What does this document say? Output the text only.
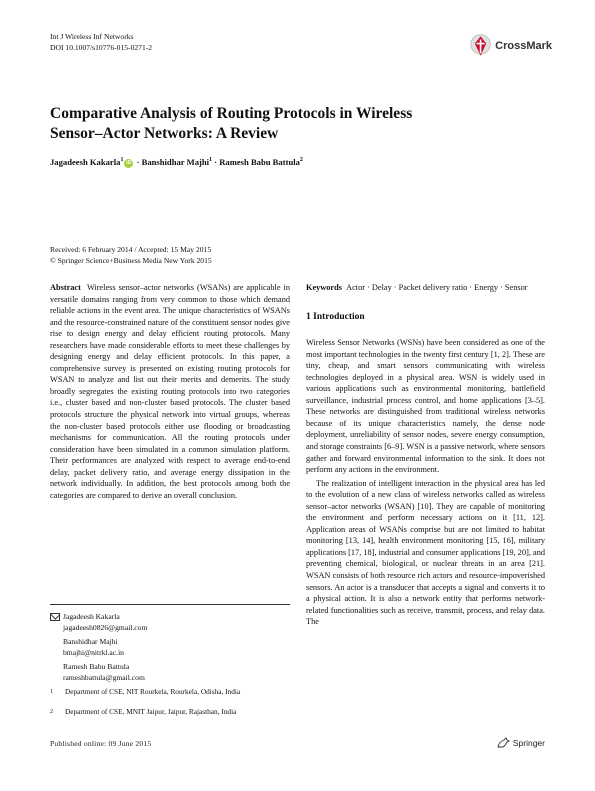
Int J Wireless Inf Networks
DOI 10.1007/s10776-015-0271-2	CrossMark
Comparative Analysis of Routing Protocols in Wireless
Sensor–Actor Networks: A Review
Jagadeesh Kakarla$^1$ iD · Banshidhar Majhi$^1$ · Ramesh Babu Battula$^2$
Received: 6 February 2014 / Accepted: 15 May 2015
© Springer Science+Business Media New York 2015
Abstract Wireless sensor–actor networks (WSANs) are applicable in versatile domains ranging from very common to those which demand reliable actions in the event area. The unique characteristics of WSANs and the resource-constrained nature of the constituent sensor nodes give rise to design energy and delay efficient routing protocols. Many researchers have made considerable efforts to meet these challenges by designing energy and delay efficient protocols. In this paper, a comprehensive survey is presented on existing routing protocols for WSAN to analyze and list out their merits and demerits. The study broadly segregates the existing routing protocols into two categories i.e., cluster based and non-cluster based protocols. The cluster based protocols structure the physical network into virtual groups, whereas the non-cluster based protocols either use flooding or broadcasting mechanisms for communication. All the routing protocols under consideration have been simulated in a common simulation platform. Their performances are analyzed with respect to average end-to-end delay, packet delivery ratio, and average energy dissipation in the network individually. In addition, the best protocols among both the categories are compared to derive an overall conclusion.
Keywords Actor · Delay · Packet delivery ratio · Energy · Sensor
1 Introduction

Wireless Sensor Networks (WSNs) have been considered as one of the most important technologies in the twenty first century [1, 2]. These are tiny, cheap, and smart sensors communicating with wireless technologies deployed in a physical area. WSN is widely used in various applications such as environmental monitoring, battlefield surveillance, industrial process control, and home applications [3–5]. These networks are distinguished from traditional wireless networks because of its unique characteristics namely, the dense node deployment, unreliability of sensor nodes, severe energy consumption, and storage constraints [6–9]. WSN is a passive network, where sensors gather and forward environmental information to the sink. It does not perform any actions in the environment.

The realization of intelligent interaction in the physical area has led to the evolution of a new class of wireless networks called as wireless sensor–actor networks (WSAN) [10]. They are capable of monitoring the environment and perform necessary actions on it [11, 12]. Application areas of WSANs comprise but are not limited to habitat monitoring [13, 14], health environment monitoring [15, 16], military applications [17, 18], industrial and consumer applications [19, 20], and preventing chemical, biological, or nuclear threats in an area [21]. WSAN consists of both resource rich actors and resource-impoverished sensors. An actor is a transducer that accepts a signal and converts it to a physical action. It is also a network entity that performs network-related functionalities such as receive, transmit, process, and relay data. The

Jagadeesh Kakarla
jagadeesh0826@gmail.com
Banshidhar Majhi
bmajhi@nitrkl.ac.in
Ramesh Babu Battula
rameshbattula@gmail.com
1 Department of CSE, NIT Rourkela, Rourkela, Odisha, India
2 Department of CSE, MNIT Jaipur, Jaipur, Rajasthan, India
Published online: 09 June 2015	Springer
